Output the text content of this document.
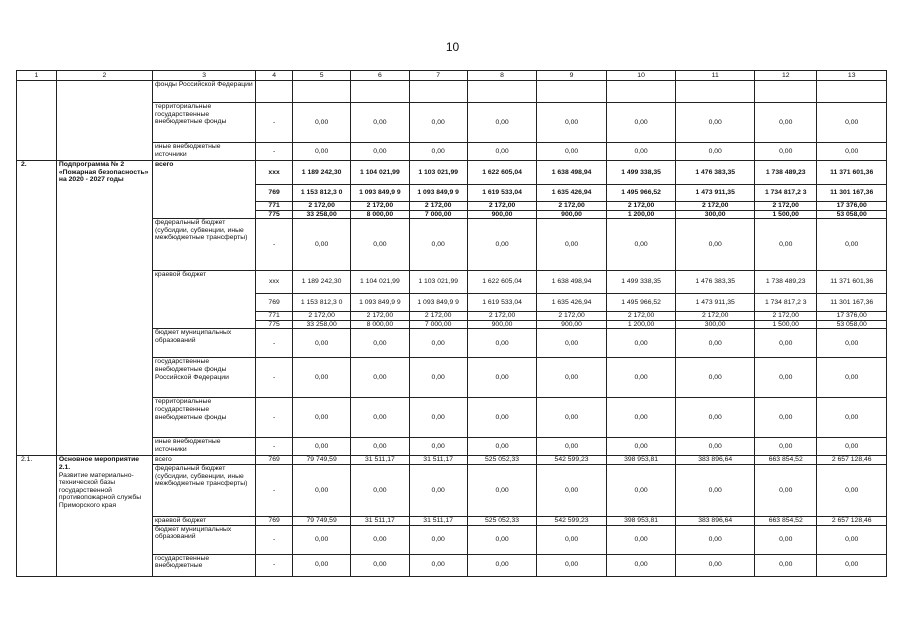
10
1	2	3	4	5	6	7	8	9	10	11	12	13
		фонды Российской Федерации										
		территориальные государственные внебюджетные фонды	-	0,00	0,00	0,00	0,00	0,00	0,00	0,00	0,00	0,00
		иные внебюджетные источники	-	0,00	0,00	0,00	0,00	0,00	0,00	0,00	0,00	0,00
2.	Подпрограмма № 2 «Пожарная безопасность» на 2020 - 2027 годы	всего	xxx	1 189 242,30	1 104 021,99	1 103 021,99	1 622 605,04	1 638 498,94	1 499 338,35	1 476 383,35	1 738 489,23	11 371 601,36
			769	1 153 812,3 0	1 093 849,9 9	1 093 849,9 9	1 619 533,04	1 635 426,94	1 495 966,52	1 473 911,35	1 734 817,2 3	11 301 167,36
			771	2 172,00	2 172,00	2 172,00	2 172,00	2 172,00	2 172,00	2 172,00	2 172,00	17 376,00
			775	33 258,00	8 000,00	7 000,00	900,00	900,00	1 200,00	300,00	1 500,00	53 058,00
		федеральный бюджет (субсидии, субвенции, иные межбюджетные трансферты)	-	0,00	0,00	0,00	0,00	0,00	0,00	0,00	0,00	0,00
		краевой бюджет	xxx	1 189 242,30	1 104 021,99	1 103 021,99	1 622 605,04	1 638 498,94	1 499 338,35	1 476 383,35	1 738 489,23	11 371 601,36
			769	1 153 812,3 0	1 093 849,9 9	1 093 849,9 9	1 619 533,04	1 635 426,94	1 495 966,52	1 473 911,35	1 734 817,2 3	11 301 167,36
			771	2 172,00	2 172,00	2 172,00	2 172,00	2 172,00	2 172,00	2 172,00	2 172,00	17 376,00
			775	33 258,00	8 000,00	7 000,00	900,00	900,00	1 200,00	300,00	1 500,00	53 058,00
		бюджет муниципальных образований	-	0,00	0,00	0,00	0,00	0,00	0,00	0,00	0,00	0,00
		государственные внебюджетные фонды Российской Федерации	-	0,00	0,00	0,00	0,00	0,00	0,00	0,00	0,00	0,00
		территориальные государственные внебюджетные фонды	-	0,00	0,00	0,00	0,00	0,00	0,00	0,00	0,00	0,00
		иные внебюджетные источники	-	0,00	0,00	0,00	0,00	0,00	0,00	0,00	0,00	0,00
2.1.	Основное мероприятие 2.1.
Развитие материально-технической базы государственной противопожарной службы Приморского края	всего	769	79 749,59	31 511,17	31 511,17	525 052,33	542 599,23	398 953,81	383 896,64	663 854,52	2 657 128,46
		федеральный бюджет (субсидии, субвенции, иные межбюджетные трансферты)	-	0,00	0,00	0,00	0,00	0,00	0,00	0,00	0,00	0,00
		краевой бюджет	769	79 749,59	31 511,17	31 511,17	525 052,33	542 599,23	398 953,81	383 896,64	663 854,52	2 657 128,46
		бюджет муниципальных образований	-	0,00	0,00	0,00	0,00	0,00	0,00	0,00	0,00	0,00
		государственные внебюджетные	-	0,00	0,00	0,00	0,00	0,00	0,00	0,00	0,00	0,00
